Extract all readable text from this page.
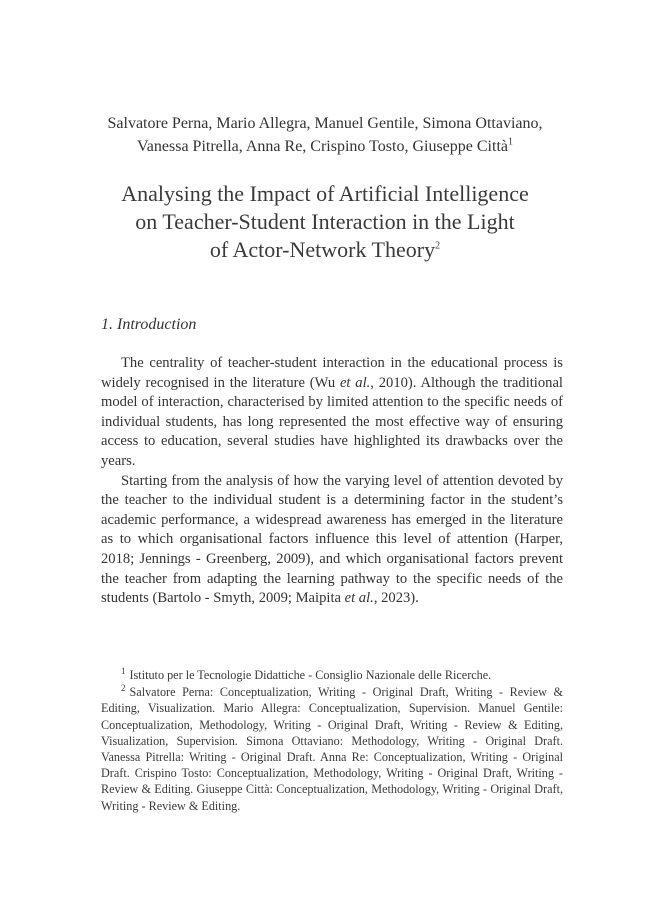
Salvatore Perna, Mario Allegra, Manuel Gentile, Simona Ottaviano,
Vanessa Pitrella, Anna Re, Crispino Tosto, Giuseppe Città$^1$
Analysing the Impact of Artificial Intelligence
on Teacher-Student Interaction in the Light
of Actor-Network Theory$^2$
1. Introduction

The centrality of teacher-student interaction in the educational process is widely recognised in the literature (Wu et al., 2010). Although the traditional model of interaction, characterised by limited attention to the specific needs of individual students, has long represented the most effective way of ensuring access to education, several studies have highlighted its drawbacks over the years.

Starting from the analysis of how the varying level of attention devoted by the teacher to the individual student is a determining factor in the student’s academic performance, a widespread awareness has emerged in the literature as to which organisational factors influence this level of attention (Harper, 2018; Jennings - Greenberg, 2009), and which organisational factors prevent the teacher from adapting the learning pathway to the specific needs of the students (Bartolo - Smyth, 2009; Maipita et al., 2023).

$^1$ Istituto per le Tecnologie Didattiche - Consiglio Nazionale delle Ricerche.

$^2$ Salvatore Perna: Conceptualization, Writing - Original Draft, Writing - Review & Editing, Visualization. Mario Allegra: Conceptualization, Supervision. Manuel Gentile: Conceptualization, Methodology, Writing - Original Draft, Writing - Review & Editing, Visualization, Supervision. Simona Ottaviano: Methodology, Writing - Original Draft. Vanessa Pitrella: Writing - Original Draft. Anna Re: Conceptualization, Writing - Original Draft. Crispino Tosto: Conceptualization, Methodology, Writing - Original Draft, Writing - Review & Editing. Giuseppe Città: Conceptualization, Methodology, Writing - Original Draft, Writing - Review & Editing.
